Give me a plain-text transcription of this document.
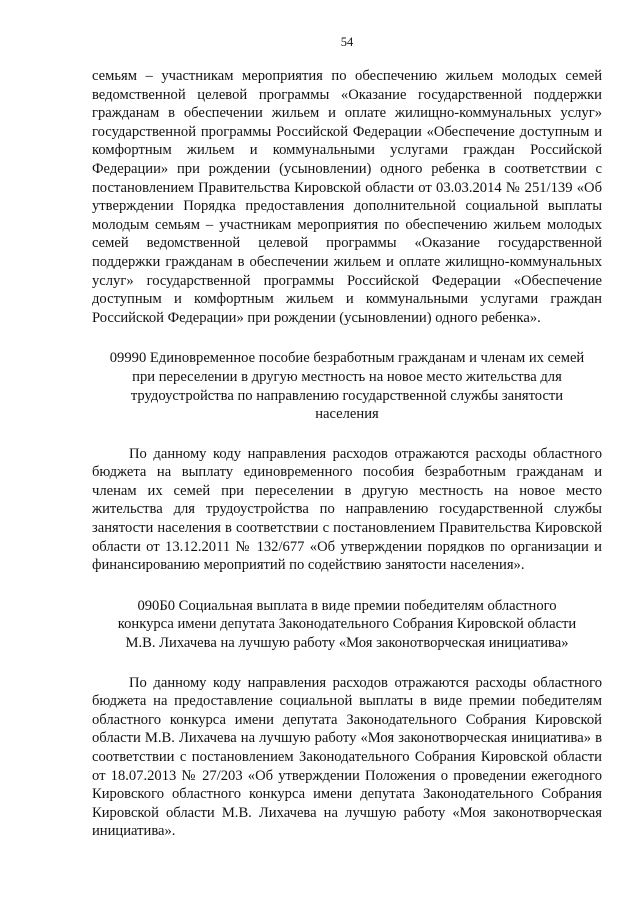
54

семьям – участникам мероприятия по обеспечению жильем молодых семей ведомственной целевой программы «Оказание государственной поддержки гражданам в обеспечении жильем и оплате жилищно-коммунальных услуг» государственной программы Российской Федерации «Обеспечение доступным и комфортным жильем и коммунальными услугами граждан Российской Федерации» при рождении (усыновлении) одного ребенка в соответствии с постановлением Правительства Кировской области от 03.03.2014 № 251/139 «Об утверждении Порядка предоставления дополнительной социальной выплаты молодым семьям – участникам мероприятия по обеспечению жильем молодых семей ведомственной целевой программы «Оказание государственной поддержки гражданам в обеспечении жильем и оплате жилищно-коммунальных услуг» государственной программы Российской Федерации «Обеспечение доступным и комфортным жильем и коммунальными услугами граждан Российской Федерации» при рождении (усыновлении) одного ребенка».

09990 Единовременное пособие безработным гражданам и членам их семей
при переселении в другую местность на новое место жительства для
трудоустройства по направлению государственной службы занятости
населения

По данному коду направления расходов отражаются расходы областного бюджета на выплату единовременного пособия безработным гражданам и членам их семей при переселении в другую местность на новое место жительства для трудоустройства по направлению государственной службы занятости населения в соответствии с постановлением Правительства Кировской области от 13.12.2011 № 132/677 «Об утверждении порядков по организации и финансированию мероприятий по содействию занятости населения».

090Б0 Социальная выплата в виде премии победителям областного
конкурса имени депутата Законодательного Собрания Кировской области
М.В. Лихачева на лучшую работу «Моя законотворческая инициатива»

По данному коду направления расходов отражаются расходы областного бюджета на предоставление социальной выплаты в виде премии победителям областного конкурса имени депутата Законодательного Собрания Кировской области М.В. Лихачева на лучшую работу «Моя законотворческая инициатива» в соответствии с постановлением Законодательного Собрания Кировской области от 18.07.2013 № 27/203 «Об утверждении Положения о проведении ежегодного Кировского областного конкурса имени депутата Законодательного Собрания Кировской области М.В. Лихачева на лучшую работу «Моя законотворческая инициатива».
